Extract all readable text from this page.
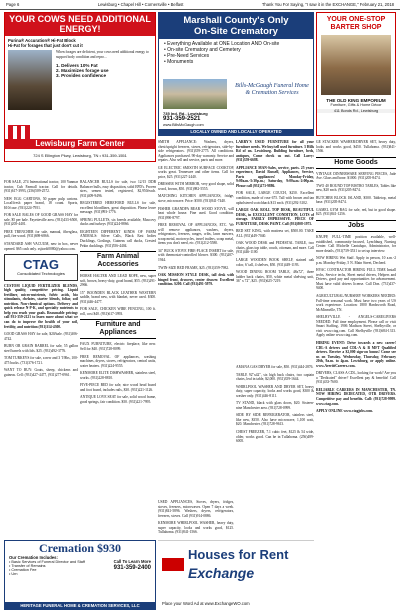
Page 6	Lewisburg • Chapel Hill • Cornersville • Belfast	Thank You For Saying, "I saw it in the EXCHANGE," February 21, 2018
YOUR COWS NEED ADDITIONAL ENERGY!
Purina® Accuration® Hi-Fat Block
Hi-Fat for forages that just don't cut it
When forages are deficient, your cows need additional energy to support body condition and repro...
1. Delivers 10% Fat
2. Maximizes forage use
3. Provides confidence
Lewisburg Farm Center
724 S Ellington Pkwy, Lewisburg, TN • 931-359-1551
Marshall County's Only
On-Site Crematory
• Everything Available at ONE Location AND On-site
• On-site Crematory and Cemetery
• Pre-Need Services
• Monuments
735 Ind. Rd., Lewisburg
931-359-2521
www.BillsMcGaugh.com
Bills-McGaugh Funeral Home & Cremation Services
LOCALLY OWNED AND LOCALLY OPERATED
YOUR ONE-STOP
BARTER SHOP
THE OLD KING EMPORIUM
Furniture, Gifts & Home Décor
411 Bonds Rd., Lewisburg
FOR SALE, 274 International tractor, 100 Yanmar tractor, Cub Farmall tractor. Call for details. (931)617-3993, (256)509-2572.
NEW EGG CARTONS, 50 paper pulp cartons. Local/fresh paper brand, 18 count. Sports, $10/case. (931)224-7951.
FOR SALE BALES OF GOOD GRASS HAY for sale, $5 per bale. Fayetteville area. (931)433-6500, (931)205-4401.
FREE TRENCHER for sale, manual, fiberglass, pull, fire wood. (931)698-6866.
STANDARD ASH VACUUM, new in box, never opened. $65 cash only. ssjiordi0080@yahoo.com.
CTAG
Consolidated Technologies
CUSTOM LIQUID FERTILIZER BLENDS, high quality, competitive pricing. Liquid fertilizer, micro-nutrients, fulvic acids, bio stimulants, chelates, starter blends, foliar, soil nutrition. Non-chemical options. Delivery and quick release N-P-K, and specialty nutrients to help you reach your goals. Reasonable pricing: call 931-359-2121 to learn more about what we can do to improve the health of your soil, fertility, and nutrition (931)314-4300.
GOOD GRASS HAY for sale, $20/bale. (931)306-4742.
BURN OR GRAIN BARREL for sale, 55 gallon steel barrels with lids. $25. (931)492-3776.
TOM TURKEYS for sale, a new and 3 '19lbs, 100-475 bucks. (731)376-1721.
WANT TO BUY: Goats, sheep, chickens and guineas. Cell: (931)427-4477, (931)277-0961.
BALANCER BULLS for sale, two 12/15 DDB Balancer bulls, easy disposition, solid EPD's. Proven sires, semen tested, registered, $2,950/each. (931)409-9496.
REGISTERED HEREFORD BULLS for sale, excellent bloodlines, great disposition. Please leave message. (931)993-1776.
SPRING PULLETS, six breeds available, Muscovy ducks and turkeys (931)224-8866.
EIGHTEEN DIFFERENT KINDS OF FARM ANIMALS: Silver Calls, Black East Indies Ducklings, Goslings, Guineas call ducks, Crested Pekin ducklings. (931)556-4404.
Farm Animal Accessories
HORSE HALTER AND LEAD ROPE, new, super soft, brown, heavy-duty, good brand, $55. (931)291-2966.
15" BOONDEN BLACK LEATHER WESTERN saddle, brand new, with blanket, never used. $300. (931)446-4477.
FOR SALE, CHICKEN WIRE FENCING, 100 ft. roll, cost $40. (931)617-3993.
Furniture and Appliances
FAUX FURNITURE, electric fireplace, like new. Sell for $40. (931)728-8099.
FREE REMOVAL OF appliances, washing machines, dryers, stoves, refrigerators, central units, water heaters. (931)224-9555.
KENMORE ELITE DISHWASHER, stainless steel, works. (931)228-8810.
FIVE-PIECE BED for sale, nice wood head board and foot board, includes rails, $30. (931)221-1126.
ANTIQUE LOVE SEAT for sale, solid wood frame, good springs, fair condition. $50. (931)221-7995.
SMITH APPLIANCE: Washers, dryers, chest/upright freezers, stoves, refrigerators, side-by-side refrigerators. (931)359-2775. All conditions. Appliances purchased. 90-day warranty. Service and repairs. Also sell and service, parts and more.
GE ELECTRIC SMOOTH SURFACE COOKTOP, works great. Tennessee and other items. Call for price, $25. (931)227-2440.
DRESSER WITH MIRROR, very good shape, solid wood, brown, $50. (931)982-5555.
MATCHING KITCHEN APPLIANCES, fridge, stove, microwave. Price: $500. (931)841-7440.
FISHER GRANDPA BEAR WOOD STOVE, will heat whole house. Fine used. Good condition. (931)990-8797.
FREE REMOVAL OF APPLIANCES, ETC. We will remove appliances, washers, dryers, refrigerators, freezers, ranges, cribs, lawn mowers, scrap metal, motorcycles, travel trailers, scrap metal, items you don't need, etc. (931)212-5580.
34" BUCK STOVE FIRE-PLACE INSERT for sale, with thermostat-controlled blower. $300. (931)207-1944.
TWIN-SIZE BED FRAME, $25. (931)359-7982.
OAK MISSION STYLE DESK, tall desk with hinged front, drawers, center drawer. Excellent condition. $200. Call (931)491-5979.
USED APPLIANCES, Stoves, dryers, fridges, stoves, freezers, microwaves. Open 7 days a week. (931)841-5896. Washers, dryers, refrigerators, freezers, stoves. Call (931)914-0886.
KENMORE WHIRLPOOL WASHER, heavy duty, super capacity, looks and works good, $125. Tullahoma. (931)841-1566.
LARRY'S USED FURNITURE for all your furniture needs. We buy/sell used furniture. 3 Hills Rd of on. Lewisburg. Building furniture, beds, antiques, Come check us out. Call Larry: (931)359-6688.
APPLIANCE MAN-Sales, service, parts. 25 years experience, David Russell, Appliances, Service, Parts appliances! Monday-Friday, 9:00a.m.-5:30p.m.; Saturday, 9:00a.m.-2:00p.m. Please call (931)273-9886.
FOR SALE, LARGE COUCH, $250. Excellent condition, made of rose 675. Tall with brown and tan upholstered scotchback $13 each. (931)292-3102.
LARGE OAK ROLL TOP DESK, BEAUTIFUL DESK, in EXCELLENT CONDITION, LOTS of storage. FAIRLY IMPRESSIVE. PIECE OF FURNITURE, DESK PAINT. Call (931)808-1975.
BED SET KING, with mattress set, $500.00. TAKE ALL (931)449-7040.
OAK WOOD DESK and PEDESTAL TABLE, two chairs, glass top table, couch, ottoman, and more. Call (931)446-1100.
LARGE WOODEN BOOK SHELF, stained oak color, 6' tall, 4 shelves, $50. (931)449-1193.
WOOD DINING ROOM TABLE, 48x72", three ladder back chairs, $50, white metal shelving unit, 36" x 72", $25. (931)625-7219.
AMANA GAS DRYER for sale, $50. (931)444-2876.
TABLE 92"x42", six high back chairs, two captain chairs, leaf in table, $2,000. (931)359-1644.
WHIRLPOOL WASHER AND DRYER SET, heavy duty, super capacity, looks and works good, $300 & washer only. (931)446-8111.
TV STAND, black with glass doors, $20. Sixteen-nine Manchester area. (931)728-0999.
SIDE BY SIDE REFRIGERATOR, stainless steel, like new, $350. Also have microwave, 1,100 watt, $20. Manchester. (931)728-9613.
CHEST FREEZER, 7.1 cubic feet, $125 & 54 wide, older, works good. Can be in Tullahoma. (256)489-6005.
GE STACKER WASHER/DRYER SET, heavy duty, looks and works good, $450. Tullahoma. (931)841-1566.
Home Goods
VINTAGE DINNERWARE SERVING PIECES, Jade Ave. Glass and bone. $1000. (931)205-8474.
TWO 40 ROUND TOP BISTRO TABLES, Tables like new, $20 each. (931)205-8474.
BUTCHER BLOCK ISLAND, $500. Tabletop, metal base. (931)205-8474.
GAMEL GYM BAG for sale, red, but in good shape. $25. (931)841-1256.
Jobs
KNUPP, FULL-TIME position available, well-established, community-focused, Lynchburg Nursing Center. Call Michelle Cantalupo, Administrator, for more details, (931)739-3531 to set up interview.
NOW HIRING Wet Staff. Apply in person, 10 a.m.-2 p.m. Monday-Friday, 5 N. Main Street, Decherd.
HVAC CONTRACTOR HIRING FULL TIME Install techs, Service techs, Sheet metal drivers, Helpers and Drivers, good pay and opportunities for advancement. Must have valid drivers license. Call Don. (731)437-9400.
AGRICULTURAL/NURSERY WORKERS NEEDED: Full-time seasonal work. Must have two years of US work experience. Location: 1800 Hardsworth Road, McMinnville, TN.
SHELBYVILLE - ANGELS-CAREGIVERS NEEDED. Full time employment. Please call or visit Smart Staffing, 1906 Madison Street, Shelbyville, or visit www.ctag.com. Call Shelbyville (931)684-1313. Apply online www.ctag.com.
HIRING EVENT: Drive towards a new career! CDL-A drivers and CDL-A & B MFT Qualified drivers. Receive a $2,000 sign-on bonus! Come see us on Tuesday. Wednesday, Thursday, February 20th, 9a.m. to 4p.m. Lewisburg, or apply online. www.AverittCareers.com.
DRIVERS, CLASS A CDL, looking for work? Are you a "Dedicated" driver? Excellent pay & benefits! Call (931)433-7600.
RELIABLE CAREERS IN MANCHESTER, TN. NOW HIRING DEDICATED, OTR DRIVERS. Competitive pay and benefits. Call: (931)728-9999. www.ctag.com.
APPLY ONLINE www.ctagjobs.com.
Cremation $930
Our Cremation Includes:
• Basic Services of Funeral Director and Staff
• Transfer of Remains
• Cremation Fee
• Urn
Call To Learn More
931-359-2400
HERITAGE FUNERAL HOME & CREMATION SERVICES, LLC
Houses for Rent
Exchange
Place your Word Ad at www.ExchangeWO.com
